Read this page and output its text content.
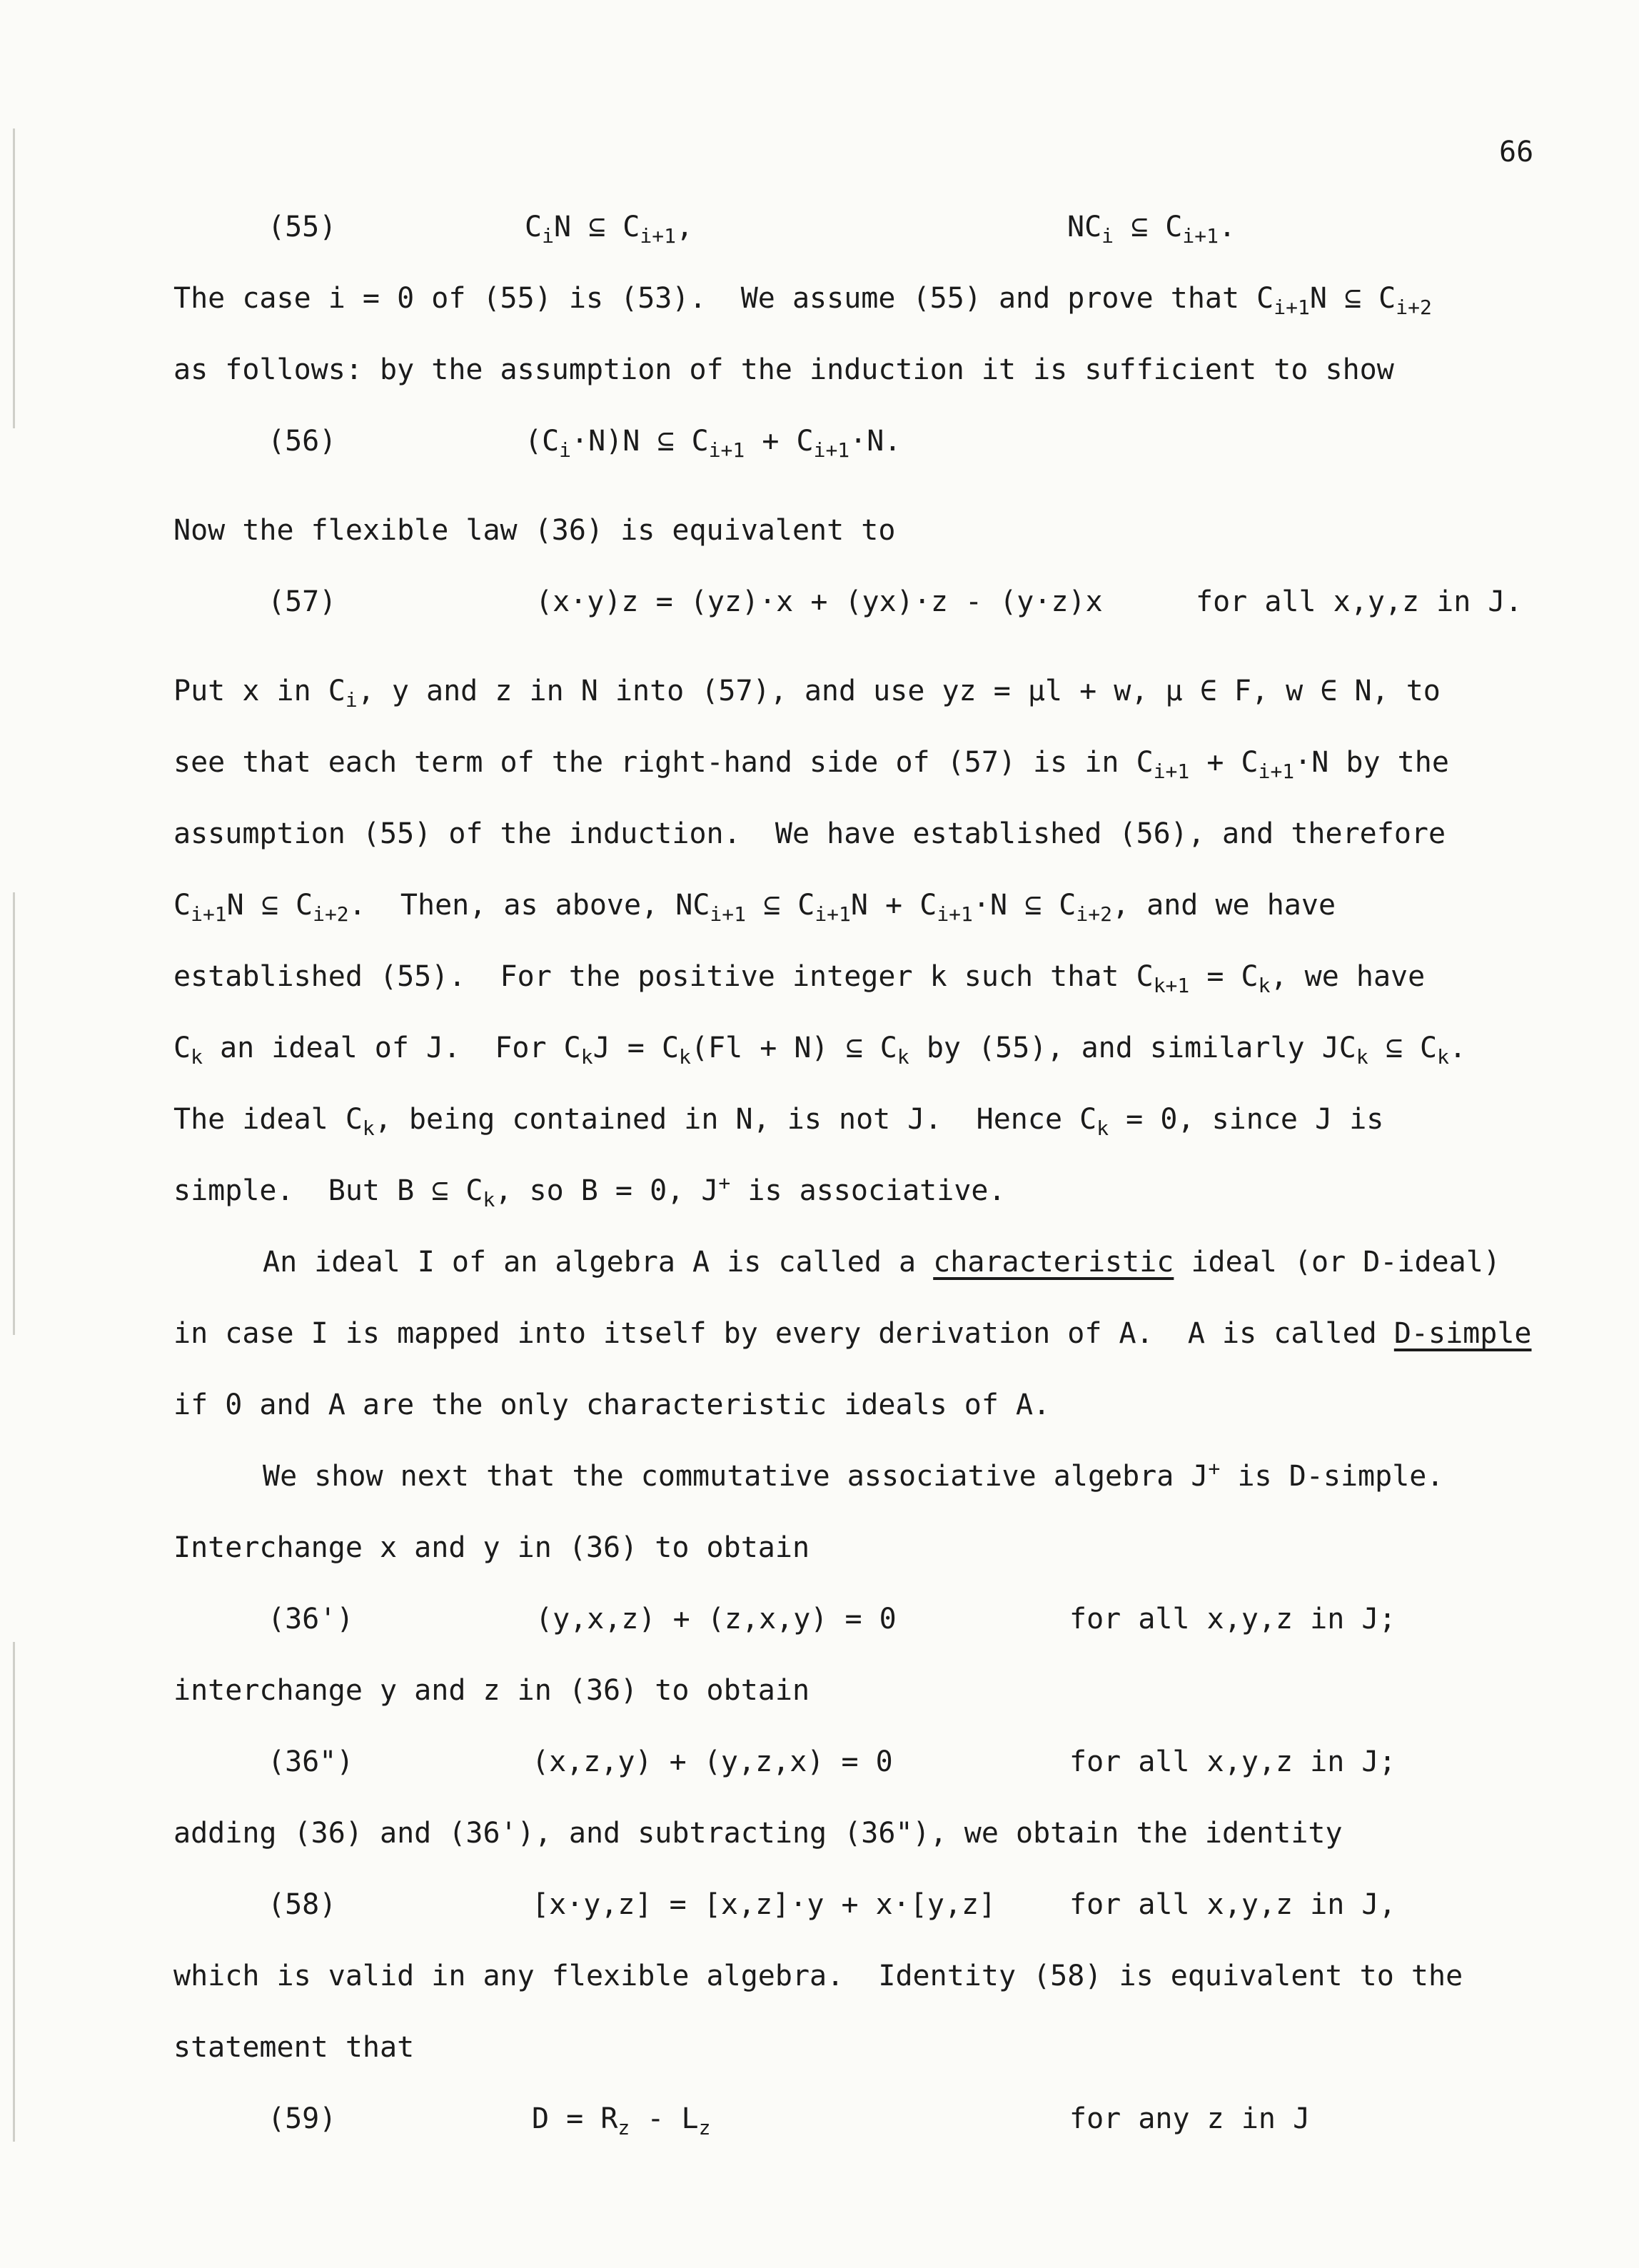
66
(55)	$C_iN$ ⊆ $C_{i+1}$,	$NC_i$ ⊆ $C_{i+1}$.
The case i = 0 of (55) is (53).  We assume (55) and prove that $C_{i+1}N$ ⊆ $C_{i+2}$
as follows: by the assumption of the induction it is sufficient to show
(56)	$(C_i\cdot N)N$ ⊆ $C_{i+1} + C_{i+1}\cdot N$.
Now the flexible law (36) is equivalent to
(57)	(x·y)z = (yz)·x + (yx)·z - (y·z)x	for all x,y,z in J.
Put x in $C_i$, y and z in N into (57), and use yz = μl + w, μ ∈ F, w ∈ N, to
see that each term of the right-hand side of (57) is in $C_{i+1} + C_{i+1}\cdot N$ by the
assumption (55) of the induction.  We have established (56), and therefore
$C_{i+1}N$ ⊆ $C_{i+2}$.  Then, as above, $NC_{i+1}$ ⊆ $C_{i+1}N + C_{i+1}\cdot N$ ⊆ $C_{i+2}$, and we have
established (55).  For the positive integer k such that $C_{k+1} = C_k$, we have
$C_k$ an ideal of J.  For $C_kJ = C_k(Fl + N)$ ⊆ $C_k$ by (55), and similarly $JC_k$ ⊆ $C_k$.
The ideal $C_k$, being contained in N, is not J.  Hence $C_k = 0$, since J is
simple.  But B ⊆ $C_k$, so B = 0, J+ is associative.
An ideal I of an algebra A is called a characteristic ideal (or D-ideal)
in case I is mapped into itself by every derivation of A.  A is called D-simple
if 0 and A are the only characteristic ideals of A.
We show next that the commutative associative algebra J+ is D-simple.
Interchange x and y in (36) to obtain
(36')	(y,x,z) + (z,x,y) = 0	for all x,y,z in J;
interchange y and z in (36) to obtain
(36")	(x,z,y) + (y,z,x) = 0	for all x,y,z in J;
adding (36) and (36'), and subtracting (36"), we obtain the identity
(58)	[x·y,z] = [x,z]·y + x·[y,z]	for all x,y,z in J,
which is valid in any flexible algebra.  Identity (58) is equivalent to the
statement that
(59)	$D = R_z - L_z$	for any z in J
